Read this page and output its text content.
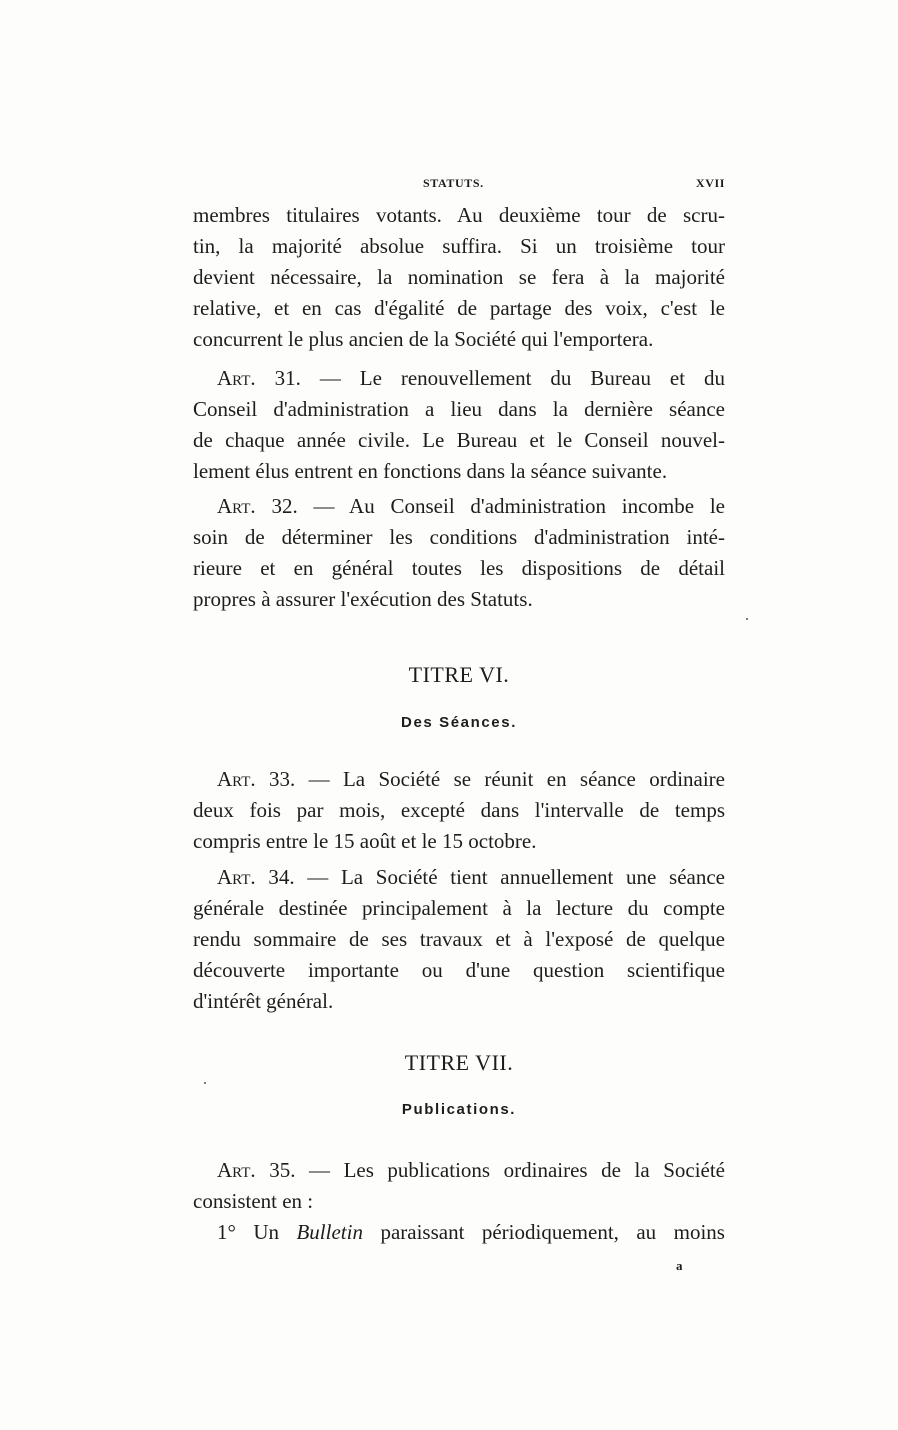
STATUTS.	XVII
membres titulaires votants. Au deuxième tour de scru-
tin, la majorité absolue suffira. Si un troisième tour
devient nécessaire, la nomination se fera à la majorité
relative, et en cas d'égalité de partage des voix, c'est le
concurrent le plus ancien de la Société qui l'emportera.
Art. 31. — Le renouvellement du Bureau et du
Conseil d'administration a lieu dans la dernière séance
de chaque année civile. Le Bureau et le Conseil nouvel-
lement élus entrent en fonctions dans la séance suivante.
Art. 32. — Au Conseil d'administration incombe le
soin de déterminer les conditions d'administration inté-
rieure et en général toutes les dispositions de détail
propres à assurer l'exécution des Statuts.
TITRE VI.
Des Séances.
Art. 33. — La Société se réunit en séance ordinaire
deux fois par mois, excepté dans l'intervalle de temps
compris entre le 15 août et le 15 octobre.
Art. 34. — La Société tient annuellement une séance
générale destinée principalement à la lecture du compte
rendu sommaire de ses travaux et à l'exposé de quelque
découverte importante ou d'une question scientifique
d'intérêt général.
TITRE VII.
Publications.
Art. 35. — Les publications ordinaires de la Société
consistent en :
1° Un Bulletin paraissant périodiquement, au moins
a
